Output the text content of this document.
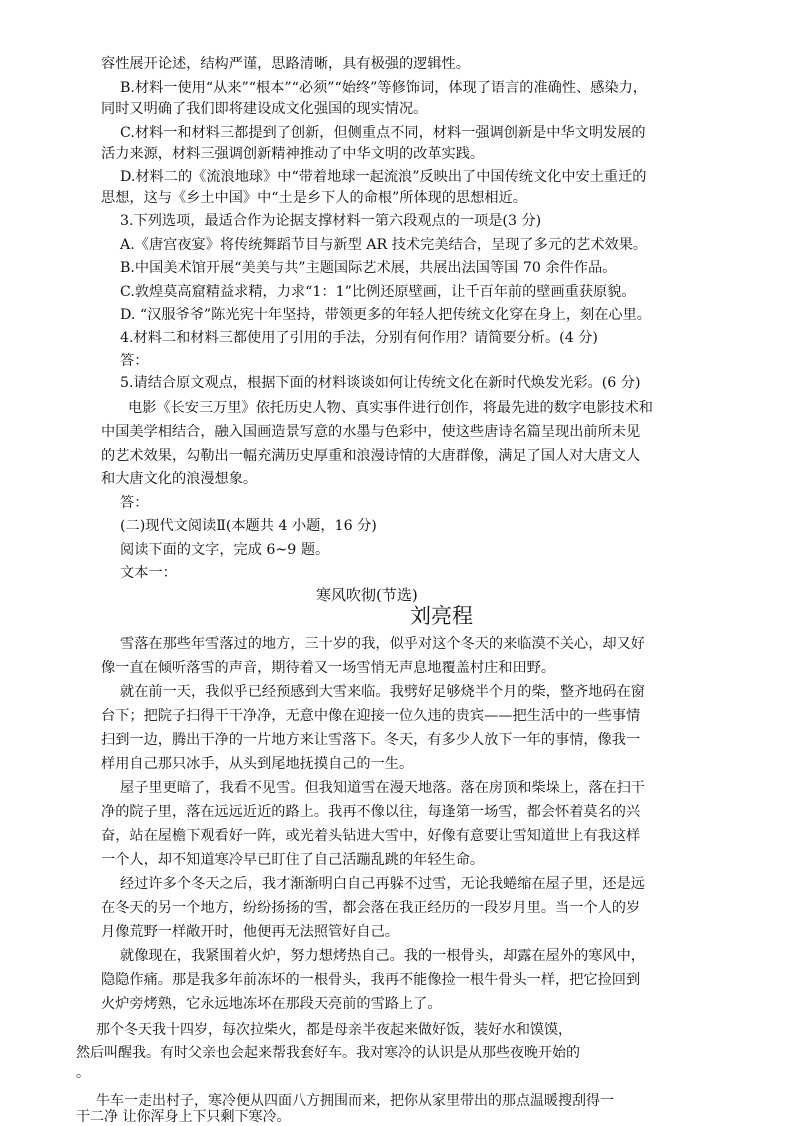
容性展开论述，结构严谨，思路清晰，具有极强的逻辑性。
B.材料一使用“从来”“根本”“必须”“始终”等修饰词，体现了语言的准确性、感染力，
同时又明确了我们即将建设成文化强国的现实情况。
C.材料一和材料三都提到了创新，但侧重点不同，材料一强调创新是中华文明发展的
活力来源，材料三强调创新精神推动了中华文明的改革实践。
D.材料二的《流浪地球》中“带着地球一起流浪”反映出了中国传统文化中安土重迁的
思想，这与《乡土中国》中“土是乡下人的命根”所体现的思想相近。
3.下列选项，最适合作为论据支撑材料一第六段观点的一项是(3 分)
A.《唐宫夜宴》将传统舞蹈节目与新型 AR 技术完美结合，呈现了多元的艺术效果。
B.中国美术馆开展“美美与共”主题国际艺术展，共展出法国等国 70 余件作品。
C.敦煌莫高窟精益求精，力求“1：1”比例还原壁画，让千百年前的壁画重获原貌。
D. “汉服爷爷”陈光宪十年坚持，带领更多的年轻人把传统文化穿在身上，刻在心里。
4.材料二和材料三都使用了引用的手法，分别有何作用？请简要分析。(4 分)
答：
5.请结合原文观点，根据下面的材料谈谈如何让传统文化在新时代焕发光彩。(6 分)
电影《长安三万里》依托历史人物、真实事件进行创作，将最先进的数字电影技术和
中国美学相结合，融入国画造景写意的水墨与色彩中，使这些唐诗名篇呈现出前所未见
的艺术效果，勾勒出一幅充满历史厚重和浪漫诗情的大唐群像，满足了国人对大唐文人
和大唐文化的浪漫想象。
答：
(二)现代文阅读Ⅱ(本题共 4 小题，16 分)
阅读下面的文字，完成 6~9 题。
文本一：
寒风吹彻(节选)
刘亮程
雪落在那些年雪落过的地方，三十岁的我，似乎对这个冬天的来临漠不关心，却又好
像一直在倾听落雪的声音，期待着又一场雪悄无声息地覆盖村庄和田野。
就在前一天，我似乎已经预感到大雪来临。我劈好足够烧半个月的柴，整齐地码在窗
台下；把院子扫得干干净净，无意中像在迎接一位久违的贵宾——把生活中的一些事情
扫到一边，腾出干净的一片地方来让雪落下。冬天，有多少人放下一年的事情，像我一
样用自己那只冰手，从头到尾地抚摸自己的一生。
屋子里更暗了，我看不见雪。但我知道雪在漫天地落。落在房顶和柴垛上，落在扫干
净的院子里，落在远远近近的路上。我再不像以往，每逢第一场雪，都会怀着莫名的兴
奋，站在屋檐下观看好一阵，或光着头钻进大雪中，好像有意要让雪知道世上有我这样
一个人，却不知道寒冷早已盯住了自己活蹦乱跳的年轻生命。
经过许多个冬天之后，我才渐渐明白自己再躲不过雪，无论我蜷缩在屋子里，还是远
在冬天的另一个地方，纷纷扬扬的雪，都会落在我正经历的一段岁月里。当一个人的岁
月像荒野一样敞开时，他便再无法照管好自己。
就像现在，我紧围着火炉，努力想烤热自己。我的一根骨头，却露在屋外的寒风中，
隐隐作痛。那是我多年前冻坏的一根骨头，我再不能像捡一根牛骨头一样，把它捡回到
火炉旁烤熟，它永远地冻坏在那段天亮前的雪路上了。
那个冬天我十四岁，每次拉柴火，都是母亲半夜起来做好饭，装好水和馍馍，
然后叫醒我。有时父亲也会起来帮我套好车。我对寒冷的认识是从那些夜晚开始的
。
牛车一走出村子，寒冷便从四面八方拥围而来，把你从家里带出的那点温暖搜刮得一
干二净 让你浑身上下只剩下寒冷。
